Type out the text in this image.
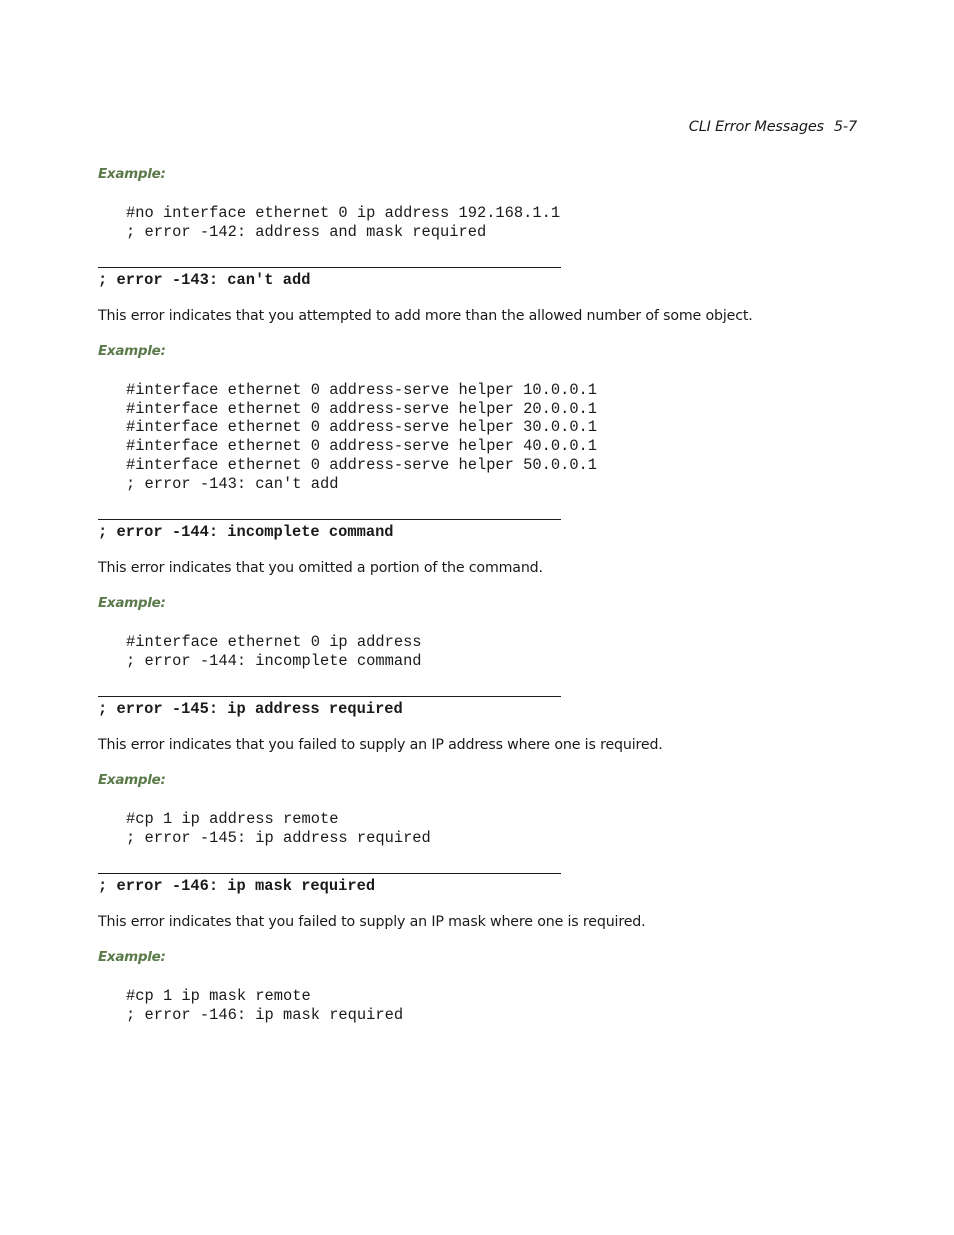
CLI Error Messages 5-7
Example:
#no interface ethernet 0 ip address 192.168.1.1
; error -142: address and mask required
; error -143: can't add
This error indicates that you attempted to add more than the allowed number of some object.
Example:
#interface ethernet 0 address-serve helper 10.0.0.1
#interface ethernet 0 address-serve helper 20.0.0.1
#interface ethernet 0 address-serve helper 30.0.0.1
#interface ethernet 0 address-serve helper 40.0.0.1
#interface ethernet 0 address-serve helper 50.0.0.1
; error -143: can't add
; error -144: incomplete command
This error indicates that you omitted a portion of the command.
Example:
#interface ethernet 0 ip address
; error -144: incomplete command
; error -145: ip address required
This error indicates that you failed to supply an IP address where one is required.
Example:
#cp 1 ip address remote
; error -145: ip address required
; error -146: ip mask required
This error indicates that you failed to supply an IP mask where one is required.
Example:
#cp 1 ip mask remote
; error -146: ip mask required
